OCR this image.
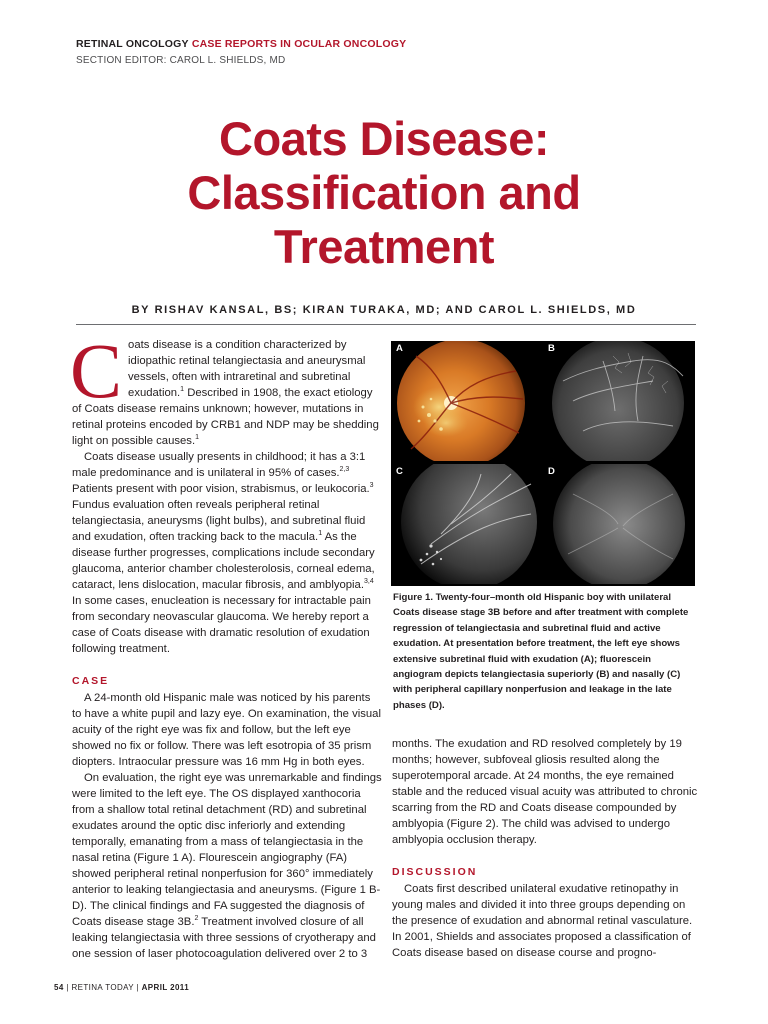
RETINAL ONCOLOGY CASE REPORTS IN OCULAR ONCOLOGY
SECTION EDITOR: CAROL L. SHIELDS, MD
Coats Disease:
Classification and
Treatment
BY RISHAV KANSAL, BS; KIRAN TURAKA, MD; AND CAROL L. SHIELDS, MD

Coats disease is a condition characterized by idiopathic retinal telangiectasia and aneurysmal vessels, often with intraretinal and subretinal exudation.$^1$ Described in 1908, the exact etiology of Coats disease remains unknown; however, mutations in retinal proteins encoded by CRB1 and NDP may be shedding light on possible causes.$^1$

Coats disease usually presents in childhood; it has a 3:1 male predominance and is unilateral in 95% of cases.$^{2,3}$ Patients present with poor vision, strabismus, or leukocoria.$^3$ Fundus evaluation often reveals peripheral retinal telangiectasia, aneurysms (light bulbs), and subretinal fluid and exudation, often tracking back to the macula.$^1$ As the disease further progresses, complications include secondary glaucoma, anterior chamber cholesterolosis, corneal edema, cataract, lens dislocation, macular fibrosis, and amblyopia.$^{3,4}$ In some cases, enucleation is necessary for intractable pain from secondary neovascular glaucoma. We hereby report a case of Coats disease with dramatic resolution of exudation following treatment.

CASE

A 24-month old Hispanic male was noticed by his parents to have a white pupil and lazy eye. On examination, the visual acuity of the right eye was fix and follow, but the left eye showed no fix or follow. There was left esotropia of 35 prism diopters. Intraocular pressure was 16 mm Hg in both eyes.

On evaluation, the right eye was unremarkable and findings were limited to the left eye. The OS displayed xanthocoria from a shallow total retinal detachment (RD) and subretinal exudates around the optic disc inferiorly and extending temporally, emanating from a mass of telangiectasia in the nasal retina (Figure 1 A). Flourescein angiography (FA) showed peripheral retinal nonperfusion for 360° immediately anterior to leaking telangiectasia and aneurysms. (Figure 1 B-D). The clinical findings and FA suggested the diagnosis of Coats disease stage 3B.$^2$ Treatment involved closure of all leaking telangiectasia with three sessions of cryotherapy and one session of laser photocoagulation delivered over 2 to 3

A	B
C	D
Figure 1. Twenty-four–month old Hispanic boy with unilateral Coats disease stage 3B before and after treatment with complete regression of telangiectasia and subretinal fluid and active exudation. At presentation before treatment, the left eye shows extensive subretinal fluid with exudation (A); fluorescein angiogram depicts telangiectasia superiorly (B) and nasally (C) with peripheral capillary nonperfusion and leakage in the late phases (D).

months. The exudation and RD resolved completely by 19 months; however, subfoveal gliosis resulted along the superotemporal arcade. At 24 months, the eye remained stable and the reduced visual acuity was attributed to chronic scarring from the RD and Coats disease compounded by amblyopia (Figure 2). The child was advised to undergo amblyopia occlusion therapy.

DISCUSSION

Coats first described unilateral exudative retinopathy in young males and divided it into three groups depending on the presence of exudation and abnormal retinal vasculature. In 2001, Shields and associates proposed a classification of Coats disease based on disease course and progno-

54 | RETINA TODAY | APRIL 2011
